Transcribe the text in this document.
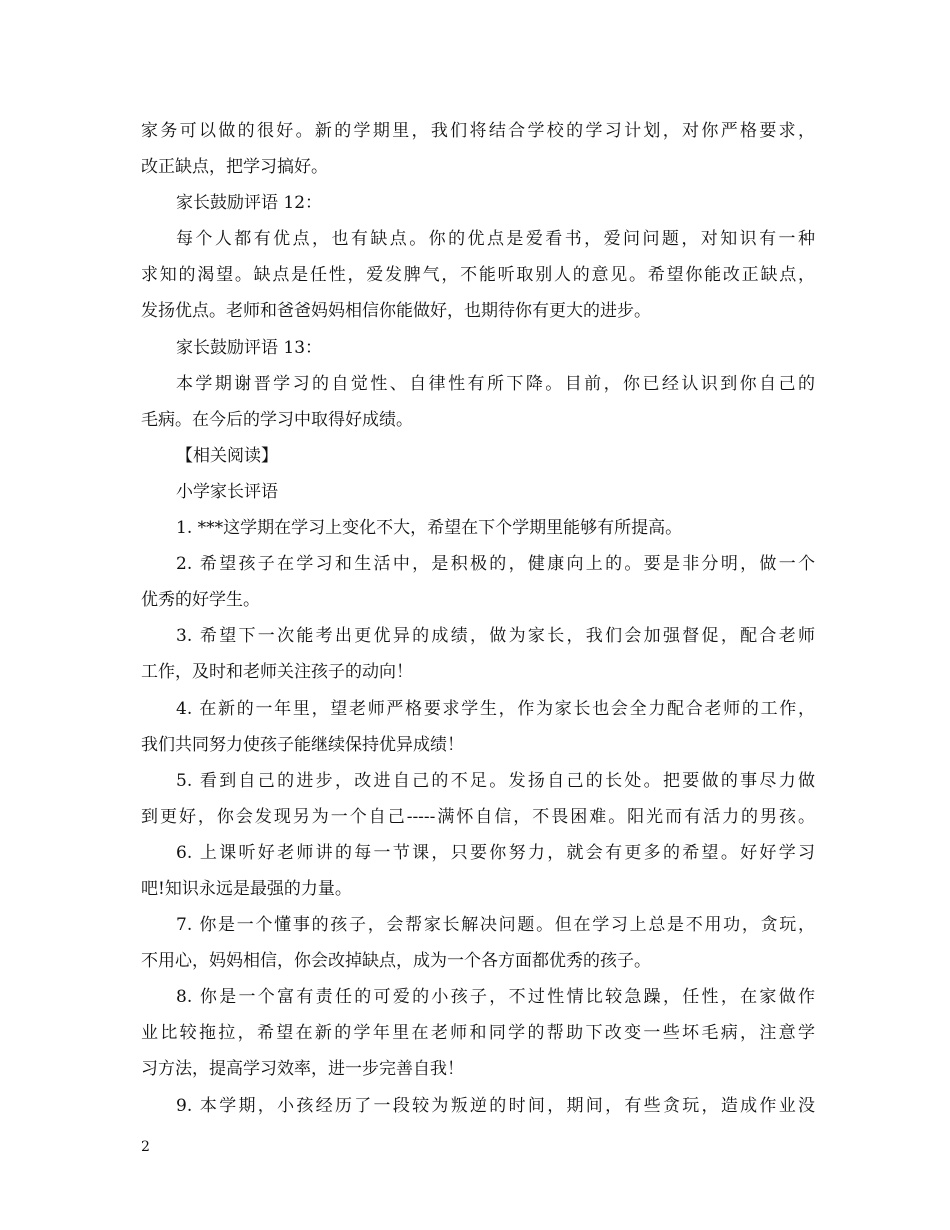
家务可以做的很好。新的学期里，我们将结合学校的学习计划，对你严格要求，
改正缺点，把学习搞好。
家长鼓励评语 12：
每个人都有优点，也有缺点。你的优点是爱看书，爱问问题，对知识有一种
求知的渴望。缺点是任性，爱发脾气，不能听取别人的意见。希望你能改正缺点，
发扬优点。老师和爸爸妈妈相信你能做好，也期待你有更大的进步。
家长鼓励评语 13：
本学期谢晋学习的自觉性、自律性有所下降。目前，你已经认识到你自己的
毛病。在今后的学习中取得好成绩。
【相关阅读】
小学家长评语
1. ***这学期在学习上变化不大，希望在下个学期里能够有所提高。
2. 希望孩子在学习和生活中，是积极的，健康向上的。要是非分明，做一个
优秀的好学生。
3. 希望下一次能考出更优异的成绩，做为家长，我们会加强督促，配合老师
工作，及时和老师关注孩子的动向！
4. 在新的一年里，望老师严格要求学生，作为家长也会全力配合老师的工作，
我们共同努力使孩子能继续保持优异成绩！
5. 看到自己的进步，改进自己的不足。发扬自己的长处。把要做的事尽力做
到更好，你会发现另为一个自己-----满怀自信，不畏困难。阳光而有活力的男孩。
6. 上课听好老师讲的每一节课，只要你努力，就会有更多的希望。好好学习
吧!知识永远是最强的力量。
7. 你是一个懂事的孩子，会帮家长解决问题。但在学习上总是不用功，贪玩，
不用心，妈妈相信，你会改掉缺点，成为一个各方面都优秀的孩子。
8. 你是一个富有责任的可爱的小孩子，不过性情比较急躁，任性，在家做作
业比较拖拉，希望在新的学年里在老师和同学的帮助下改变一些坏毛病，注意学
习方法，提高学习效率，进一步完善自我！
9. 本学期，小孩经历了一段较为叛逆的时间，期间，有些贪玩，造成作业没
2
